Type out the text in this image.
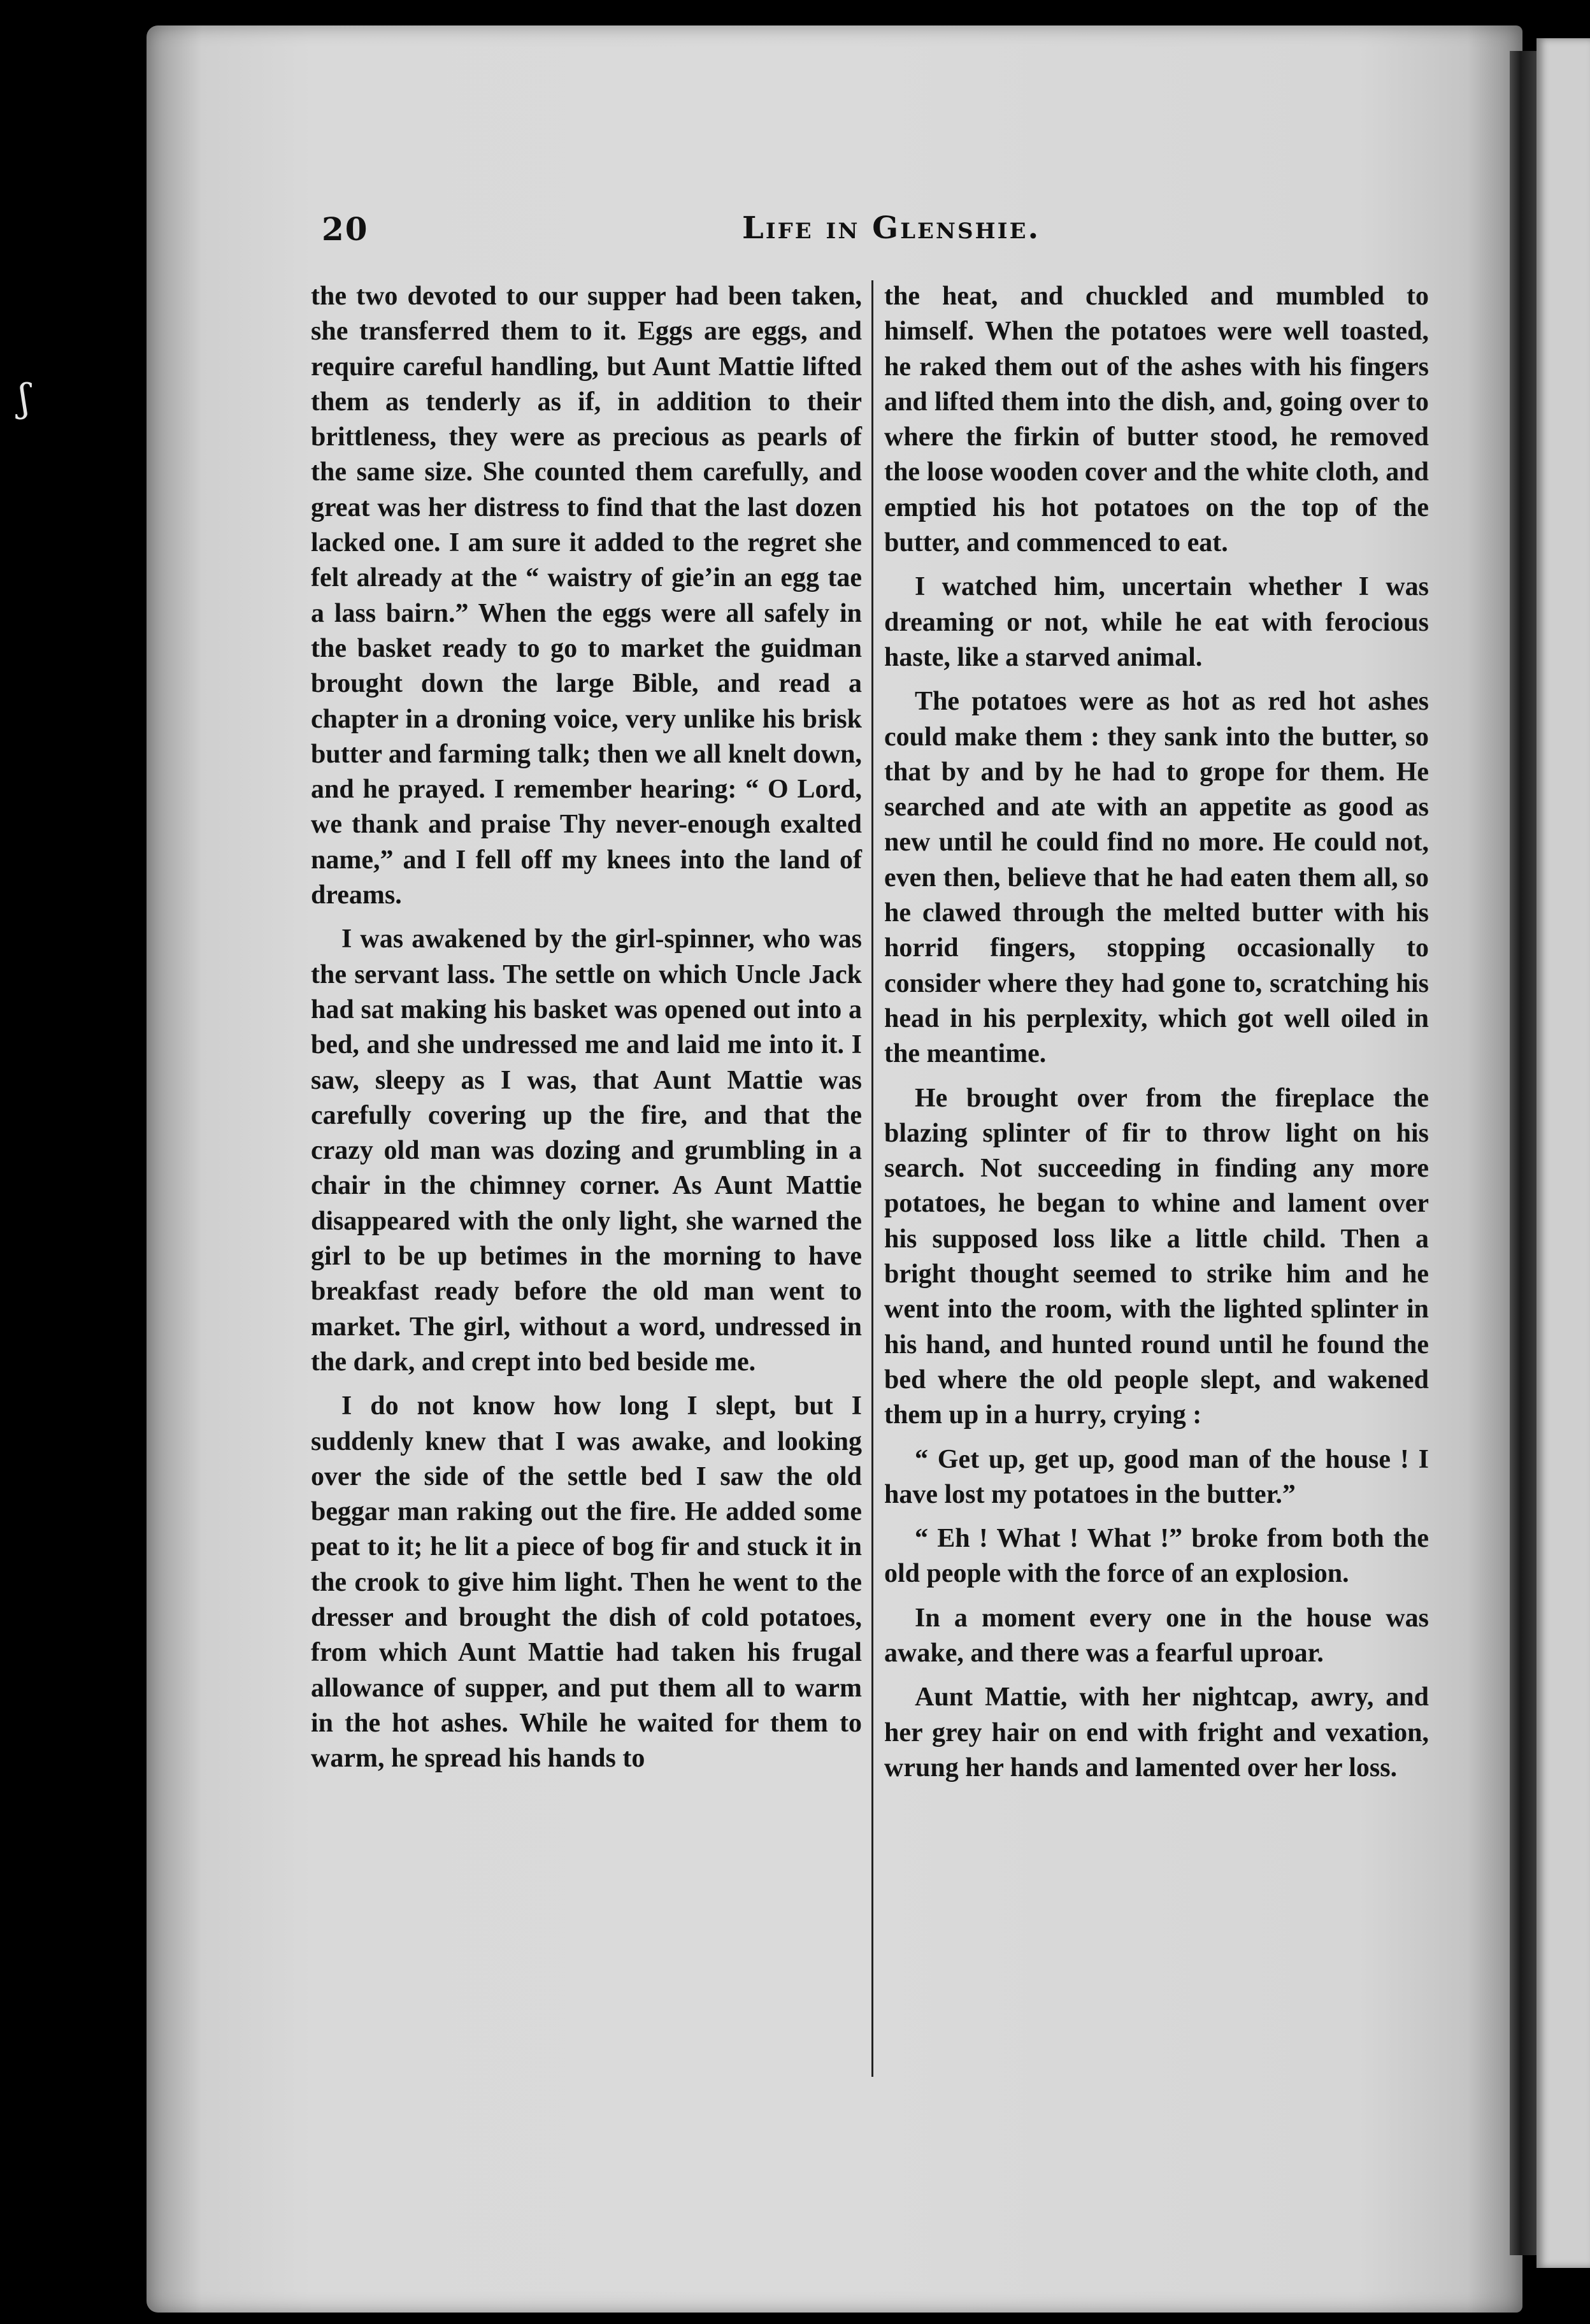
ʃ
20	Life in Glenshie.

the two devoted to our supper had been taken, she transferred them to it. Eggs are eggs, and require careful handling, but Aunt Mattie lifted them as tenderly as if, in addition to their brittleness, they were as precious as pearls of the same size. She counted them carefully, and great was her distress to find that the last dozen lacked one. I am sure it added to the regret she felt already at the “ waistry of gie’in an egg tae a lass bairn.” When the eggs were all safely in the basket ready to go to market the guidman brought down the large Bible, and read a chapter in a droning voice, very unlike his brisk butter and farming talk; then we all knelt down, and he prayed. I remember hearing: “ O Lord, we thank and praise Thy never-enough exalted name,” and I fell off my knees into the land of dreams.

I was awakened by the girl-spinner, who was the servant lass. The settle on which Uncle Jack had sat making his basket was opened out into a bed, and she undressed me and laid me into it. I saw, sleepy as I was, that Aunt Mattie was carefully covering up the fire, and that the crazy old man was dozing and grumbling in a chair in the chimney corner. As Aunt Mattie disappeared with the only light, she warned the girl to be up betimes in the morning to have breakfast ready before the old man went to market. The girl, without a word, undressed in the dark, and crept into bed beside me.

I do not know how long I slept, but I suddenly knew that I was awake, and looking over the side of the settle bed I saw the old beggar man raking out the fire. He added some peat to it; he lit a piece of bog fir and stuck it in the crook to give him light. Then he went to the dresser and brought the dish of cold potatoes, from which Aunt Mattie had taken his frugal allowance of supper, and put them all to warm in the hot ashes. While he waited for them to warm, he spread his hands to

the heat, and chuckled and mumbled to himself. When the potatoes were well toasted, he raked them out of the ashes with his fingers and lifted them into the dish, and, going over to where the firkin of butter stood, he removed the loose wooden cover and the white cloth, and emptied his hot potatoes on the top of the butter, and commenced to eat.

I watched him, uncertain whether I was dreaming or not, while he eat with ferocious haste, like a starved animal.

The potatoes were as hot as red hot ashes could make them : they sank into the butter, so that by and by he had to grope for them. He searched and ate with an appetite as good as new until he could find no more. He could not, even then, believe that he had eaten them all, so he clawed through the melted butter with his horrid fingers, stopping occasionally to consider where they had gone to, scratching his head in his perplexity, which got well oiled in the meantime.

He brought over from the fireplace the blazing splinter of fir to throw light on his search. Not succeeding in finding any more potatoes, he began to whine and lament over his supposed loss like a little child. Then a bright thought seemed to strike him and he went into the room, with the lighted splinter in his hand, and hunted round until he found the bed where the old people slept, and wakened them up in a hurry, crying :

“ Get up, get up, good man of the house ! I have lost my potatoes in the butter.”

“ Eh ! What ! What !” broke from both the old people with the force of an explosion.

In a moment every one in the house was awake, and there was a fearful uproar.

Aunt Mattie, with her nightcap, awry, and her grey hair on end with fright and vexation, wrung her hands and lamented over her loss.
